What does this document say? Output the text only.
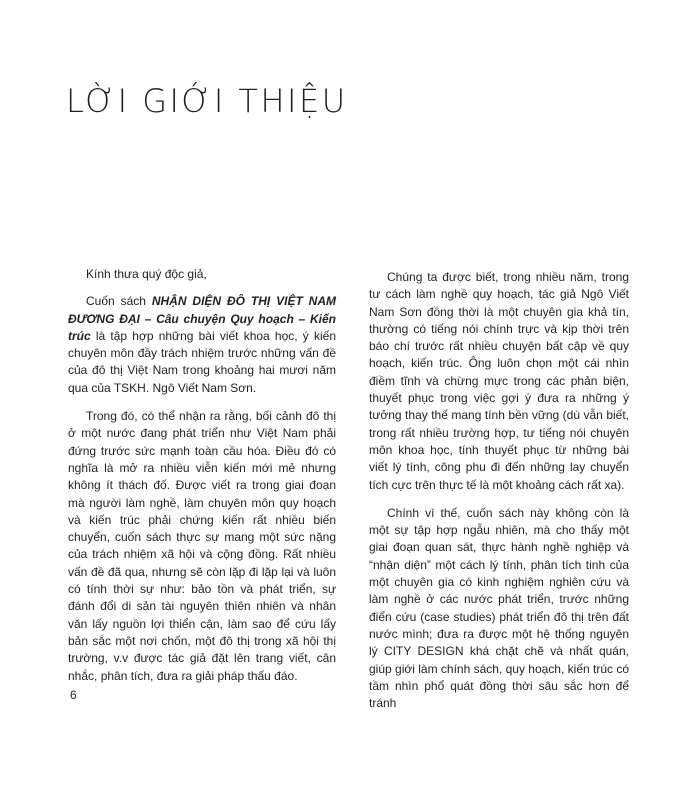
LỜI GIỚI THIỆU

Kính thưa quý độc giả,

Cuốn sách NHẬN DIỆN ĐÔ THỊ VIỆT NAM ĐƯƠNG ĐẠI – Câu chuyện Quy hoạch – Kiến trúc là tập hợp những bài viết khoa học, ý kiến chuyên môn đầy trách nhiệm trước những vấn đề của đô thị Việt Nam trong khoảng hai mươi năm qua của TSKH. Ngô Viết Nam Sơn.

Trong đó, có thể nhận ra rằng, bối cảnh đô thị ở một nước đang phát triển như Việt Nam phải đứng trước sức mạnh toàn cầu hóa. Điều đó có nghĩa là mở ra nhiều viễn kiến mới mẻ nhưng không ít thách đố. Được viết ra trong giai đoạn mà người làm nghề, làm chuyên môn quy hoạch và kiến trúc phải chứng kiến rất nhiều biến chuyển, cuốn sách thực sự mang một sức nặng của trách nhiệm xã hội và cộng đồng. Rất nhiều vấn đề đã qua, nhưng sẽ còn lặp đi lặp lại và luôn có tính thời sự như: bảo tồn và phát triển, sự đánh đổi di sản tài nguyên thiên nhiên và nhân văn lấy nguồn lợi thiển cận, làm sao để cứu lấy bản sắc một nơi chốn, một đô thị trong xã hội thị trường, v.v được tác giả đặt lên trang viết, cân nhắc, phân tích, đưa ra giải pháp thấu đáo.

Chúng ta được biết, trong nhiều năm, trong tư cách làm nghề quy hoạch, tác giả Ngô Viết Nam Sơn đồng thời là một chuyên gia khả tín, thường có tiếng nói chính trực và kịp thời trên báo chí trước rất nhiều chuyện bất cập về quy hoạch, kiến trúc. Ông luôn chọn một cái nhìn điềm tĩnh và chừng mực trong các phản biện, thuyết phục trong việc gợi ý đưa ra những ý tưởng thay thế mang tính bền vững (dù vẫn biết, trong rất nhiều trường hợp, tư tiếng nói chuyên môn khoa học, tính thuyết phục từ những bài viết lý tính, công phu đi đến những lay chuyển tích cực trên thực tế là một khoảng cách rất xa).

Chính vì thế, cuốn sách này không còn là một sự tập hợp ngẫu nhiên, mà cho thấy một giai đoạn quan sát, thực hành nghề nghiệp và “nhận diện” một cách lý tính, phân tích tinh của một chuyên gia có kinh nghiệm nghiên cứu và làm nghề ở các nước phát triển, trước những điển cứu (case studies) phát triển đô thị trên đất nước mình; đưa ra được một hệ thống nguyên lý CITY DESIGN khá chặt chẽ và nhất quán, giúp giới làm chính sách, quy hoạch, kiến trúc có tầm nhìn phổ quát đồng thời sâu sắc hơn để tránh

6
